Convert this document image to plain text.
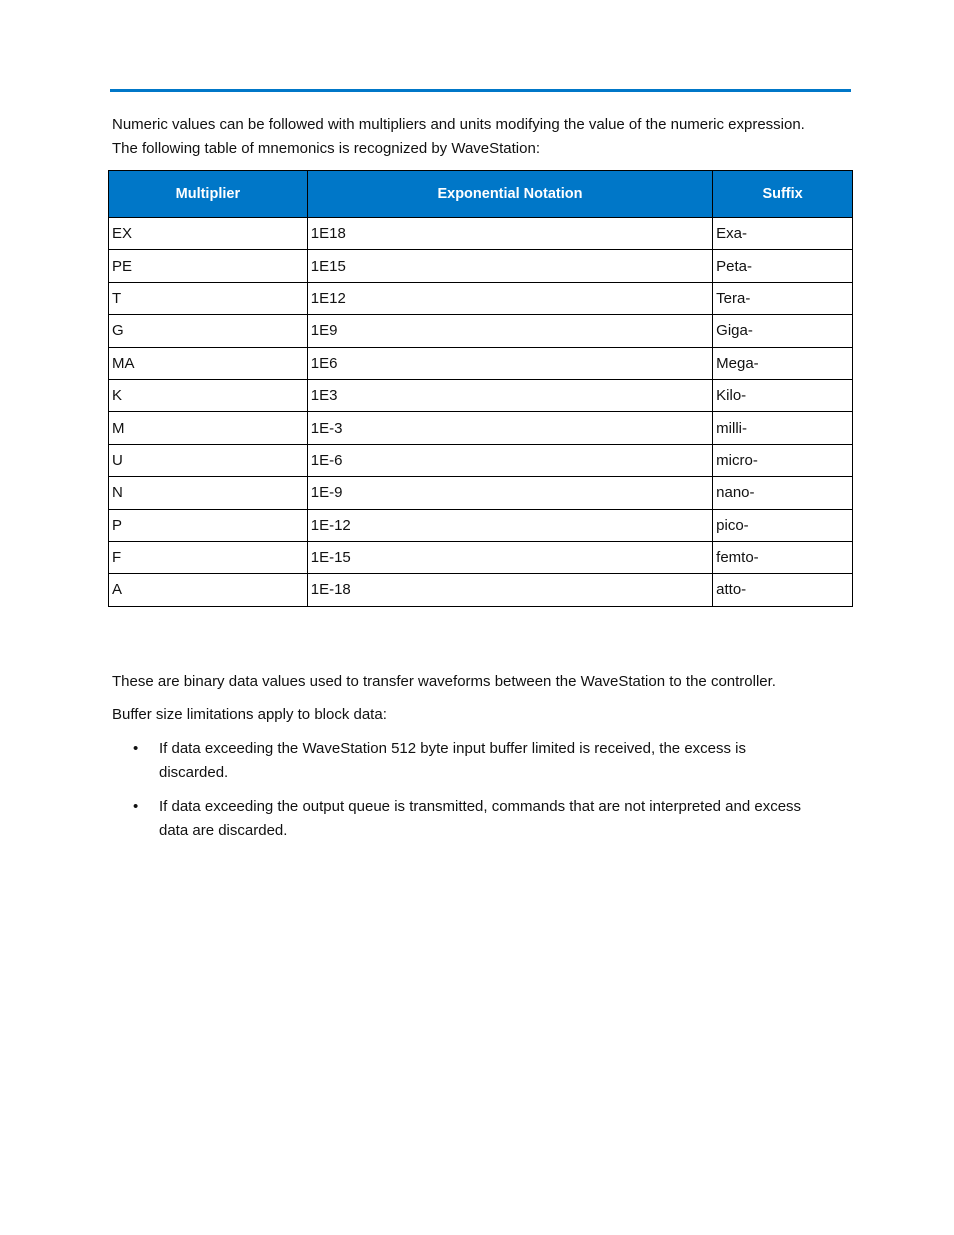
Numeric values can be followed with multipliers and units modifying the value of the numeric expression. The following table of mnemonics is recognized by WaveStation:

Multiplier	Exponential Notation	Suffix
EX	1E18	Exa-
PE	1E15	Peta-
T	1E12	Tera-
G	1E9	Giga-
MA	1E6	Mega-
K	1E3	Kilo-
M	1E-3	milli-
U	1E-6	micro-
N	1E-9	nano-
P	1E-12	pico-
F	1E-15	femto-
A	1E-18	atto-

These are binary data values used to transfer waveforms between the WaveStation to the controller.

Buffer size limitations apply to block data:

• If data exceeding the WaveStation 512 byte input buffer limited is received, the excess is discarded.
• If data exceeding the output queue is transmitted, commands that are not interpreted and excess data are discarded.
